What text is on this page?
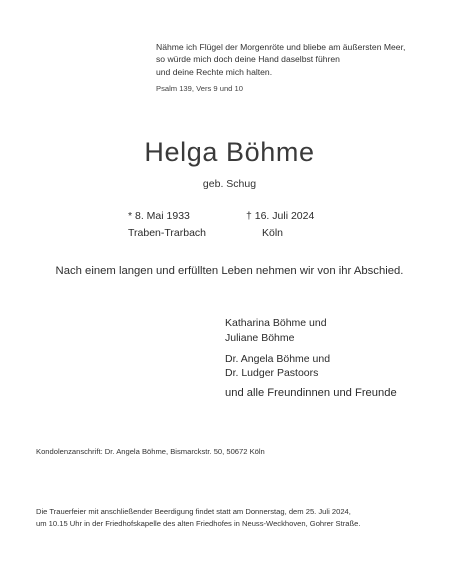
Nähme ich Flügel der Morgenröte und bliebe am äußersten Meer,
so würde mich doch deine Hand daselbst führen
und deine Rechte mich halten.
Psalm 139, Vers 9 und 10
Helga Böhme
geb. Schug
* 8. Mai 1933
Traben-Trarbach
† 16. Juli 2024
Köln
Nach einem langen und erfüllten Leben nehmen wir von ihr Abschied.
Katharina Böhme und
Juliane Böhme
Dr. Angela Böhme und
Dr. Ludger Pastoors
und alle Freundinnen und Freunde
Kondolenzanschrift: Dr. Angela Böhme, Bismarckstr. 50, 50672 Köln
Die Trauerfeier mit anschließender Beerdigung findet statt am Donnerstag, dem 25. Juli 2024,
um 10.15 Uhr in der Friedhofskapelle des alten Friedhofes in Neuss-Weckhoven, Gohrer Straße.
